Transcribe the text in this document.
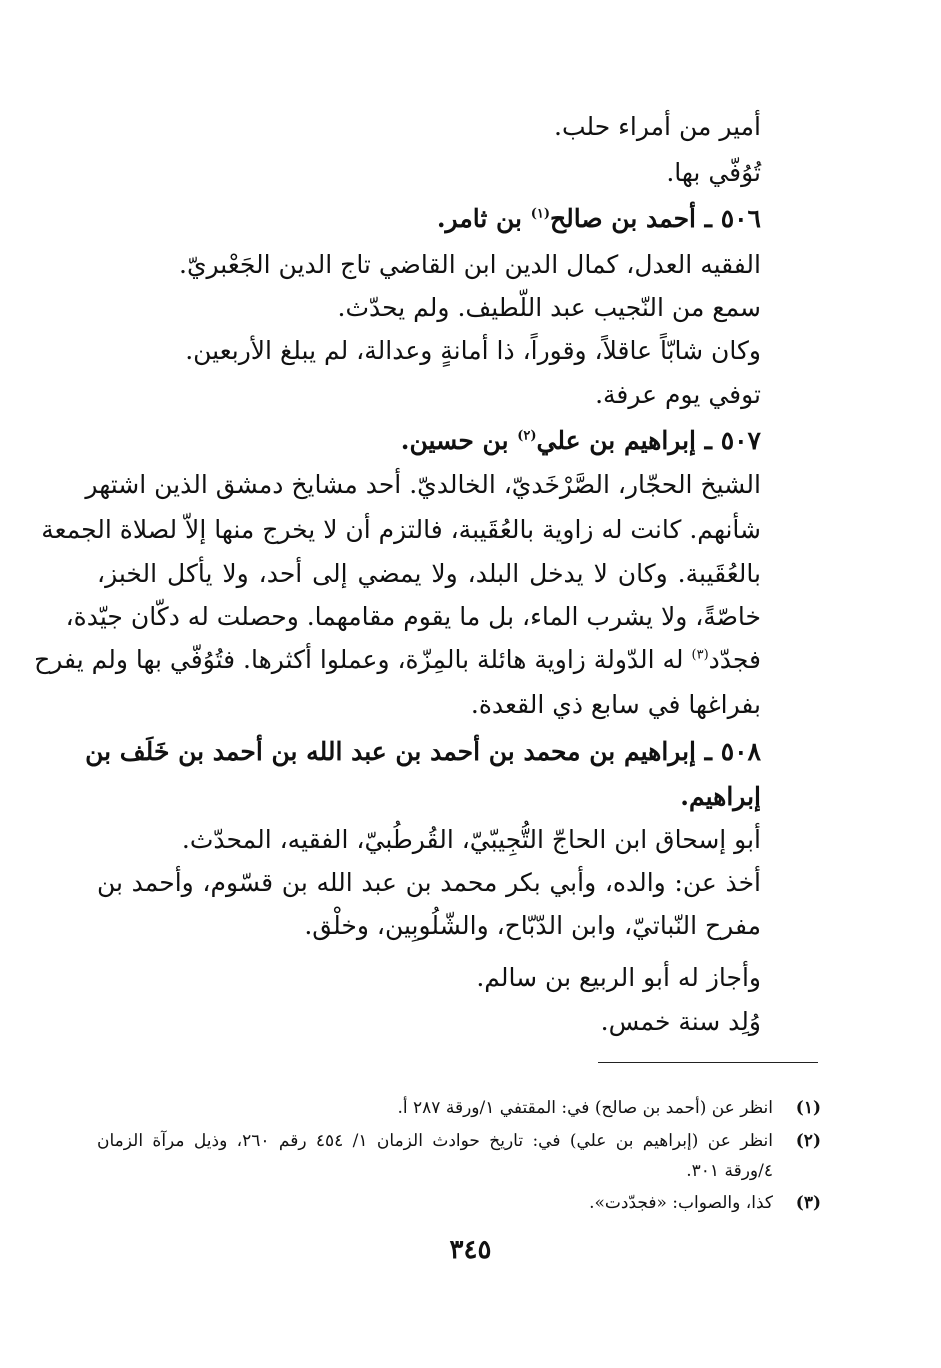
أمير من أمراء حلب.

تُوُفّي بها.

٥٠٦ ـ أحمد بن صالح$^{(١)}$ بن ثامر.

الفقيه العدل، كمال الدين ابن القاضي تاج الدين الجَعْبريّ.

سمع من النّجيب عبد اللّطيف. ولم يحدّث.

وكان شابّاً عاقلاً، وقوراً، ذا أمانةٍ وعدالة، لم يبلغ الأربعين.

توفي يوم عرفة.

٥٠٧ ـ إبراهيم بن علي$^{(٢)}$ بن حسين.

الشيخ الحجّار، الصَّرْخَديّ، الخالديّ. أحد مشايخ دمشق الذين اشتهر

شأنهم. كانت له زاوية بالعُقَيبة، فالتزم أن لا يخرج منها إلاّ لصلاة الجمعة

بالعُقَيبة. وكان لا يدخل البلد، ولا يمضي إلى أحد، ولا يأكل الخبز،

خاصّةً، ولا يشرب الماء، بل ما يقوم مقامهما. وحصلت له دكّان جيّدة،

فجدّد$^{(٣)}$ له الدّولة زاوية هائلة بالمِزّة، وعملوا أكثرها. فتُوُفّي بها ولم يفرح

بفراغها في سابع ذي القعدة.

٥٠٨ ـ إبراهيم بن محمد بن أحمد بن عبد الله بن أحمد بن خَلَف بن

إبراهيم.

أبو إسحاق ابن الحاجّ التُّجِيبّيّ، القُرطُبيّ، الفقيه، المحدّث.

أخذ عن: والده، وأبي بكر محمد بن عبد الله بن قسّوم، وأحمد بن

مفرح النّباتيّ، وابن الدّبّاح، والشّلُوبِين، وخلْق.

وأجاز له أبو الربيع بن سالم.

وُلِد سنة خمس.

(١)انظر عن (أحمد بن صالح) في: المقتفي ١/ورقة ٢٨٧ أ.

(٢)انظر عن (إبراهيم بن علي) في: تاريخ حوادث الزمان ١/ ٤٥٤ رقم ٢٦٠، وذيل مرآة الزمان

٤/ورقة ٣٠١.

(٣)كذا، والصواب: «فجدّدت».

٣٤٥
